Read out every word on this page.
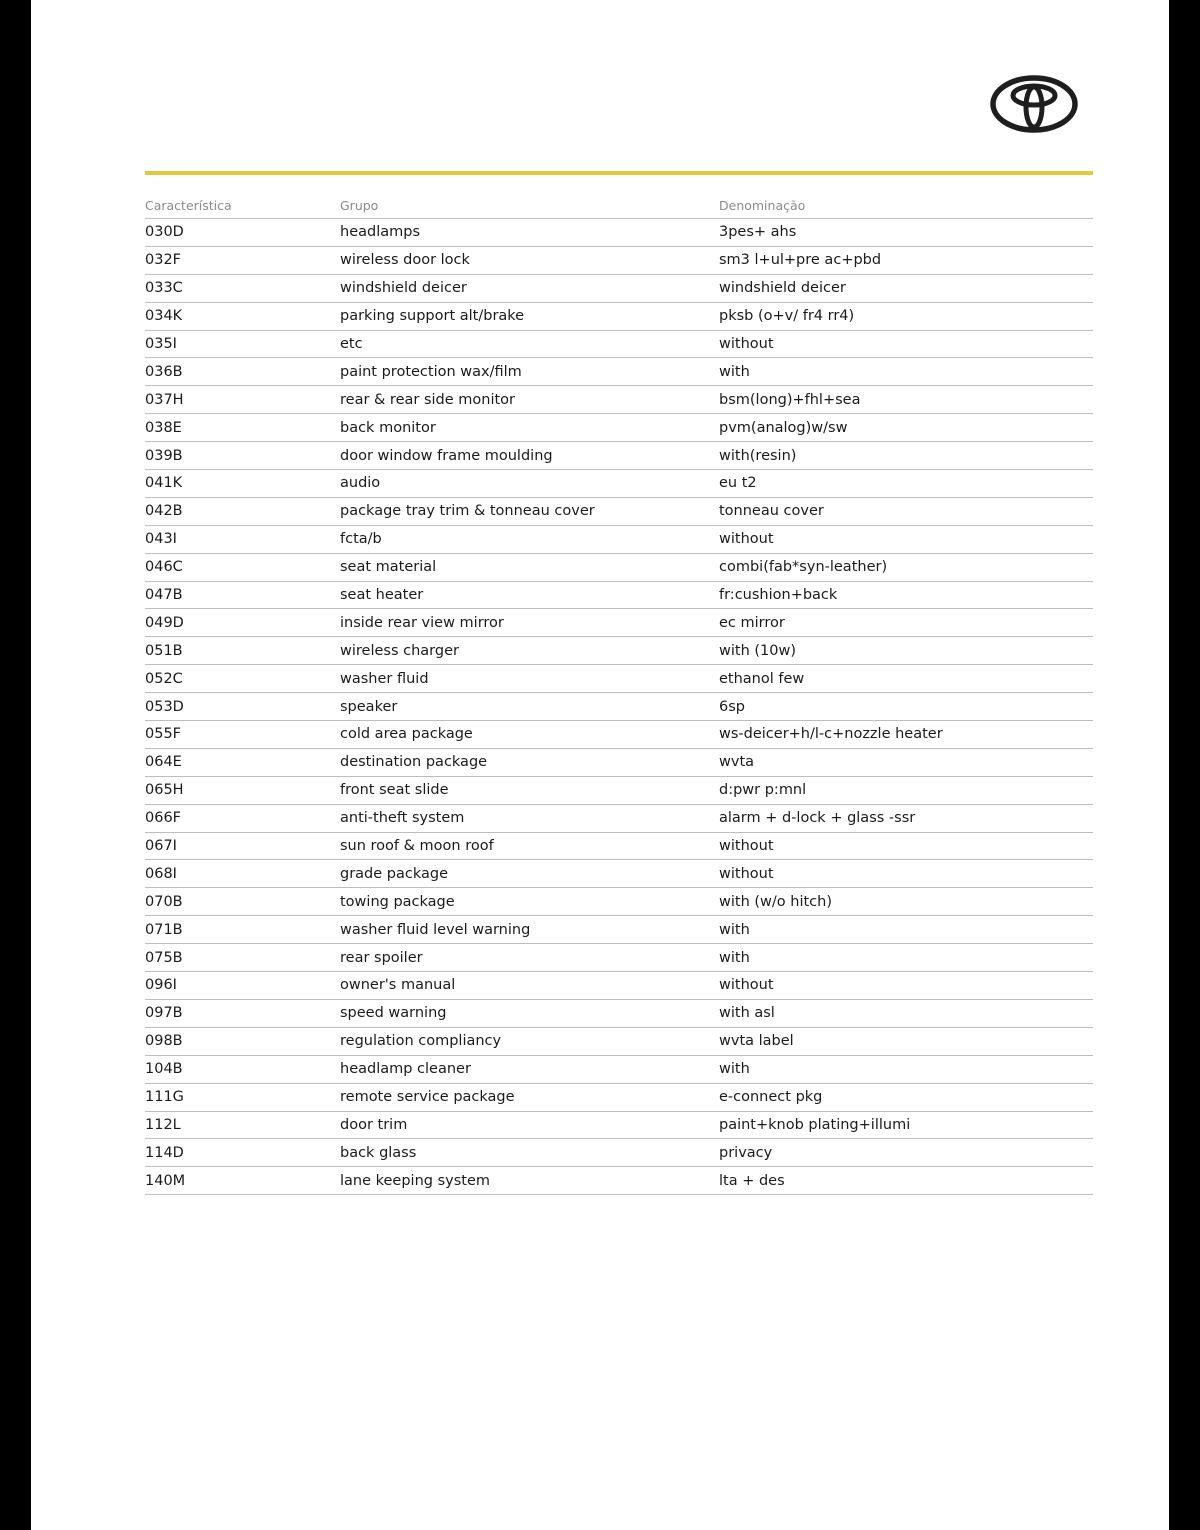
Característica	Grupo	Denominação
030D	headlamps	3pes+ ahs
032F	wireless door lock	sm3 l+ul+pre ac+pbd
033C	windshield deicer	windshield deicer
034K	parking support alt/brake	pksb (o+v/ fr4 rr4)
035I	etc	without
036B	paint protection wax/film	with
037H	rear & rear side monitor	bsm(long)+fhl+sea
038E	back monitor	pvm(analog)w/sw
039B	door window frame moulding	with(resin)
041K	audio	eu t2
042B	package tray trim & tonneau cover	tonneau cover
043I	fcta/b	without
046C	seat material	combi(fab*syn-leather)
047B	seat heater	fr:cushion+back
049D	inside rear view mirror	ec mirror
051B	wireless charger	with (10w)
052C	washer fluid	ethanol few
053D	speaker	6sp
055F	cold area package	ws-deicer+h/l-c+nozzle heater
064E	destination package	wvta
065H	front seat slide	d:pwr p:mnl
066F	anti-theft system	alarm + d-lock + glass -ssr
067I	sun roof & moon roof	without
068I	grade package	without
070B	towing package	with (w/o hitch)
071B	washer fluid level warning	with
075B	rear spoiler	with
096I	owner's manual	without
097B	speed warning	with asl
098B	regulation compliancy	wvta label
104B	headlamp cleaner	with
111G	remote service package	e-connect pkg
112L	door trim	paint+knob plating+illumi
114D	back glass	privacy
140M	lane keeping system	lta + des
